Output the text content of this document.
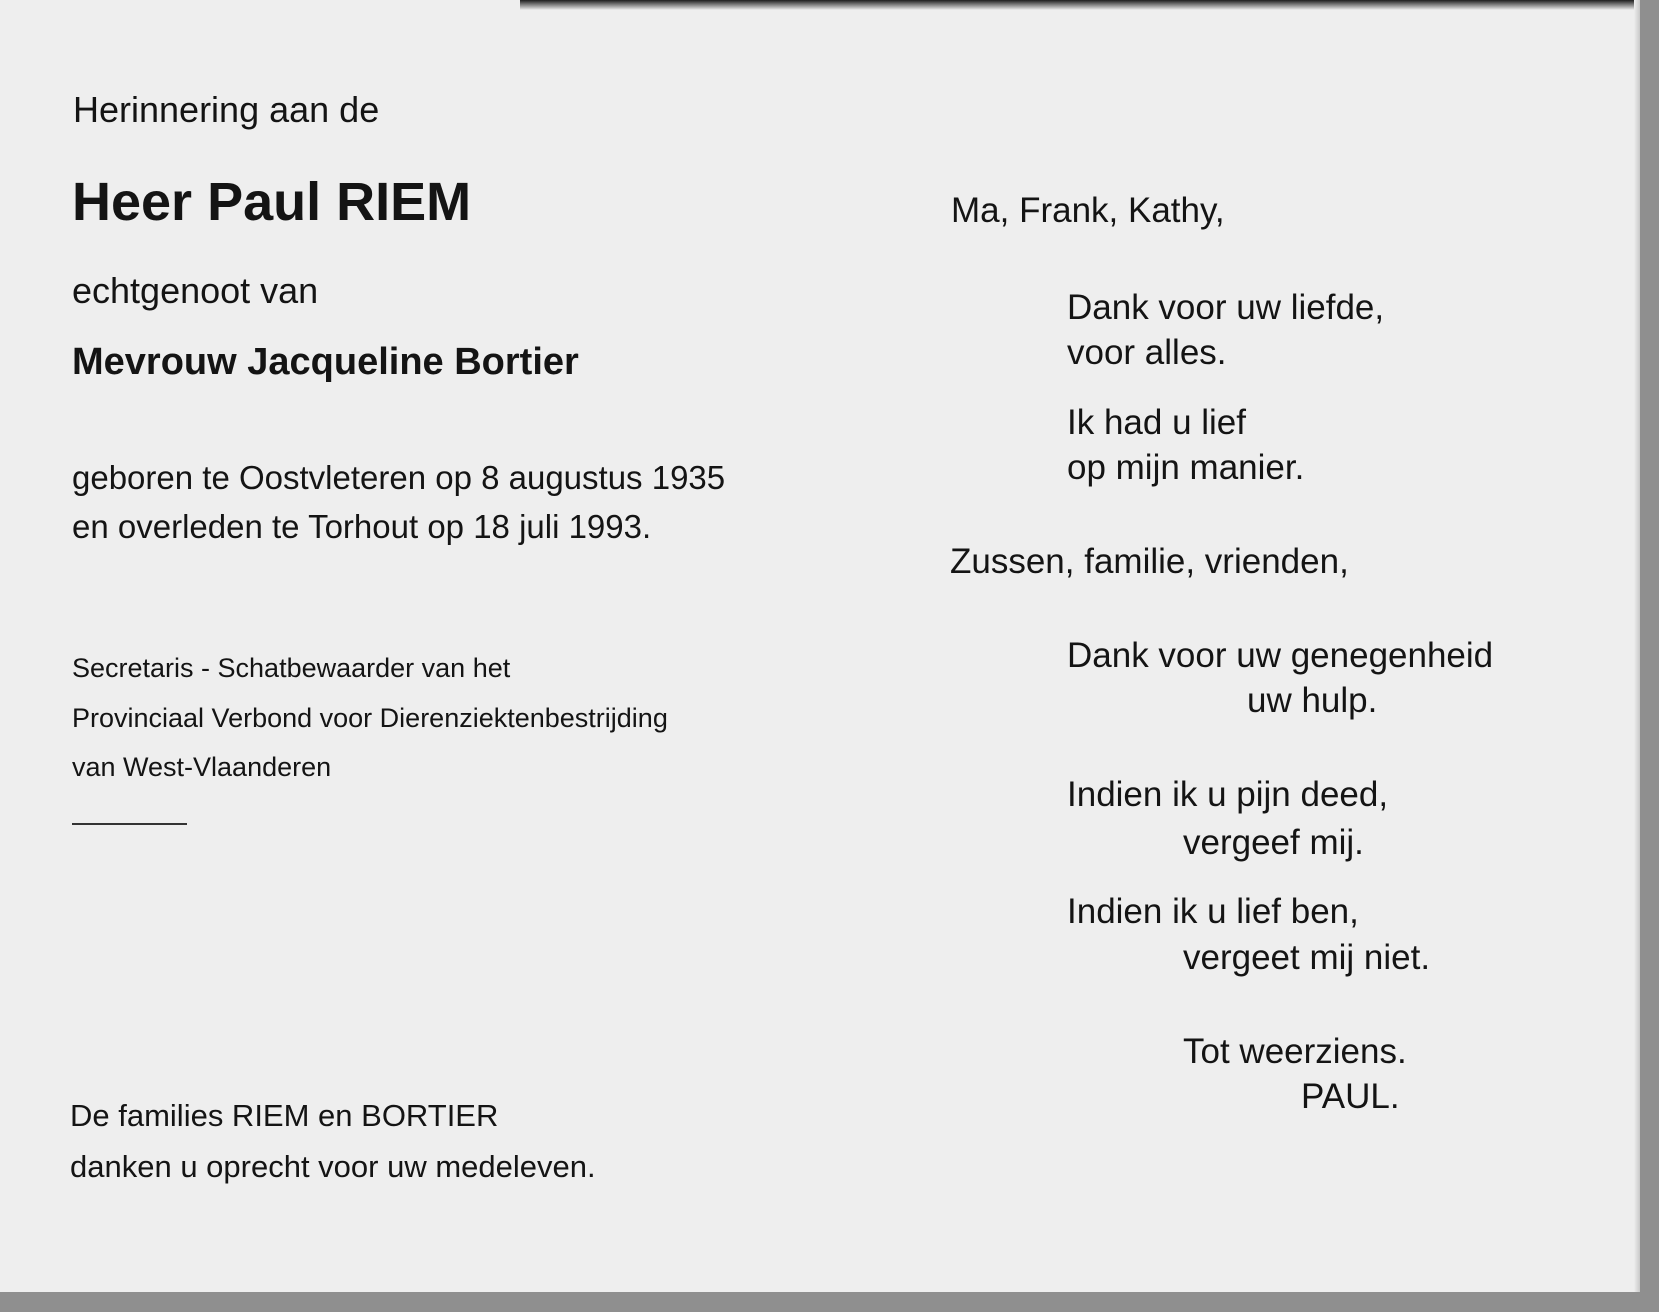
Herinnering aan de
Heer Paul RIEM
echtgenoot van
Mevrouw Jacqueline Bortier
geboren te Oostvleteren op 8 augustus 1935
en overleden te Torhout op 18 juli 1993.
Secretaris - Schatbewaarder van het
Provinciaal Verbond voor Dierenziektenbestrijding
van West-Vlaanderen
De families RIEM en BORTIER
danken u oprecht voor uw medeleven.
Ma, Frank, Kathy,
Dank voor uw liefde,
voor alles.
Ik had u lief
op mijn manier.
Zussen, familie, vrienden,
Dank voor uw genegenheid
uw hulp.
Indien ik u pijn deed,
vergeef mij.
Indien ik u lief ben,
vergeet mij niet.
Tot weerziens.
PAUL.
